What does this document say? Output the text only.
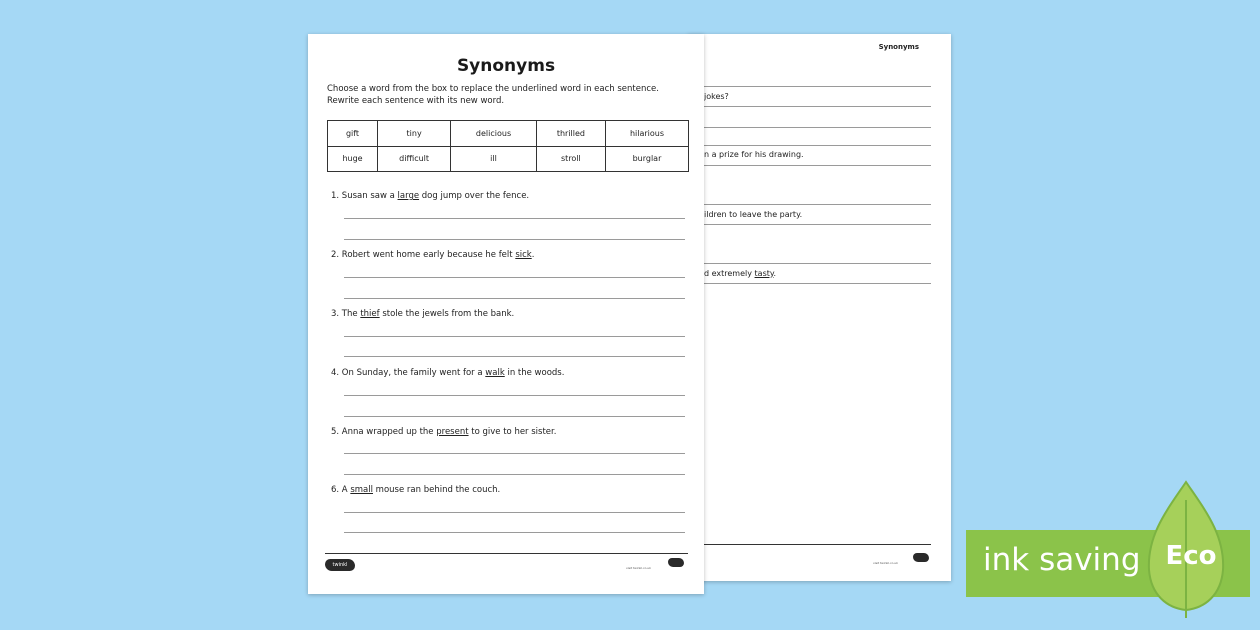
Synonyms
jokes?
n a prize for his drawing.
ildren to leave the party.
d extremely tasty.
visit twinkl.co.uk
Synonyms
Choose a word from the box to replace the underlined word in each sentence. Rewrite each sentence with its new word.
gift	tiny	delicious	thrilled	hilarious
huge	difficult	ill	stroll	burglar
1. Susan saw a large dog jump over the fence.
2. Robert went home early because he felt sick.
3. The thief stole the jewels from the bank.
4. On Sunday, the family went for a walk in the woods.
5. Anna wrapped up the present to give to her sister.
6. A small mouse ran behind the couch.
twinkl	visit twinkl.co.uk	ink saving Eco
